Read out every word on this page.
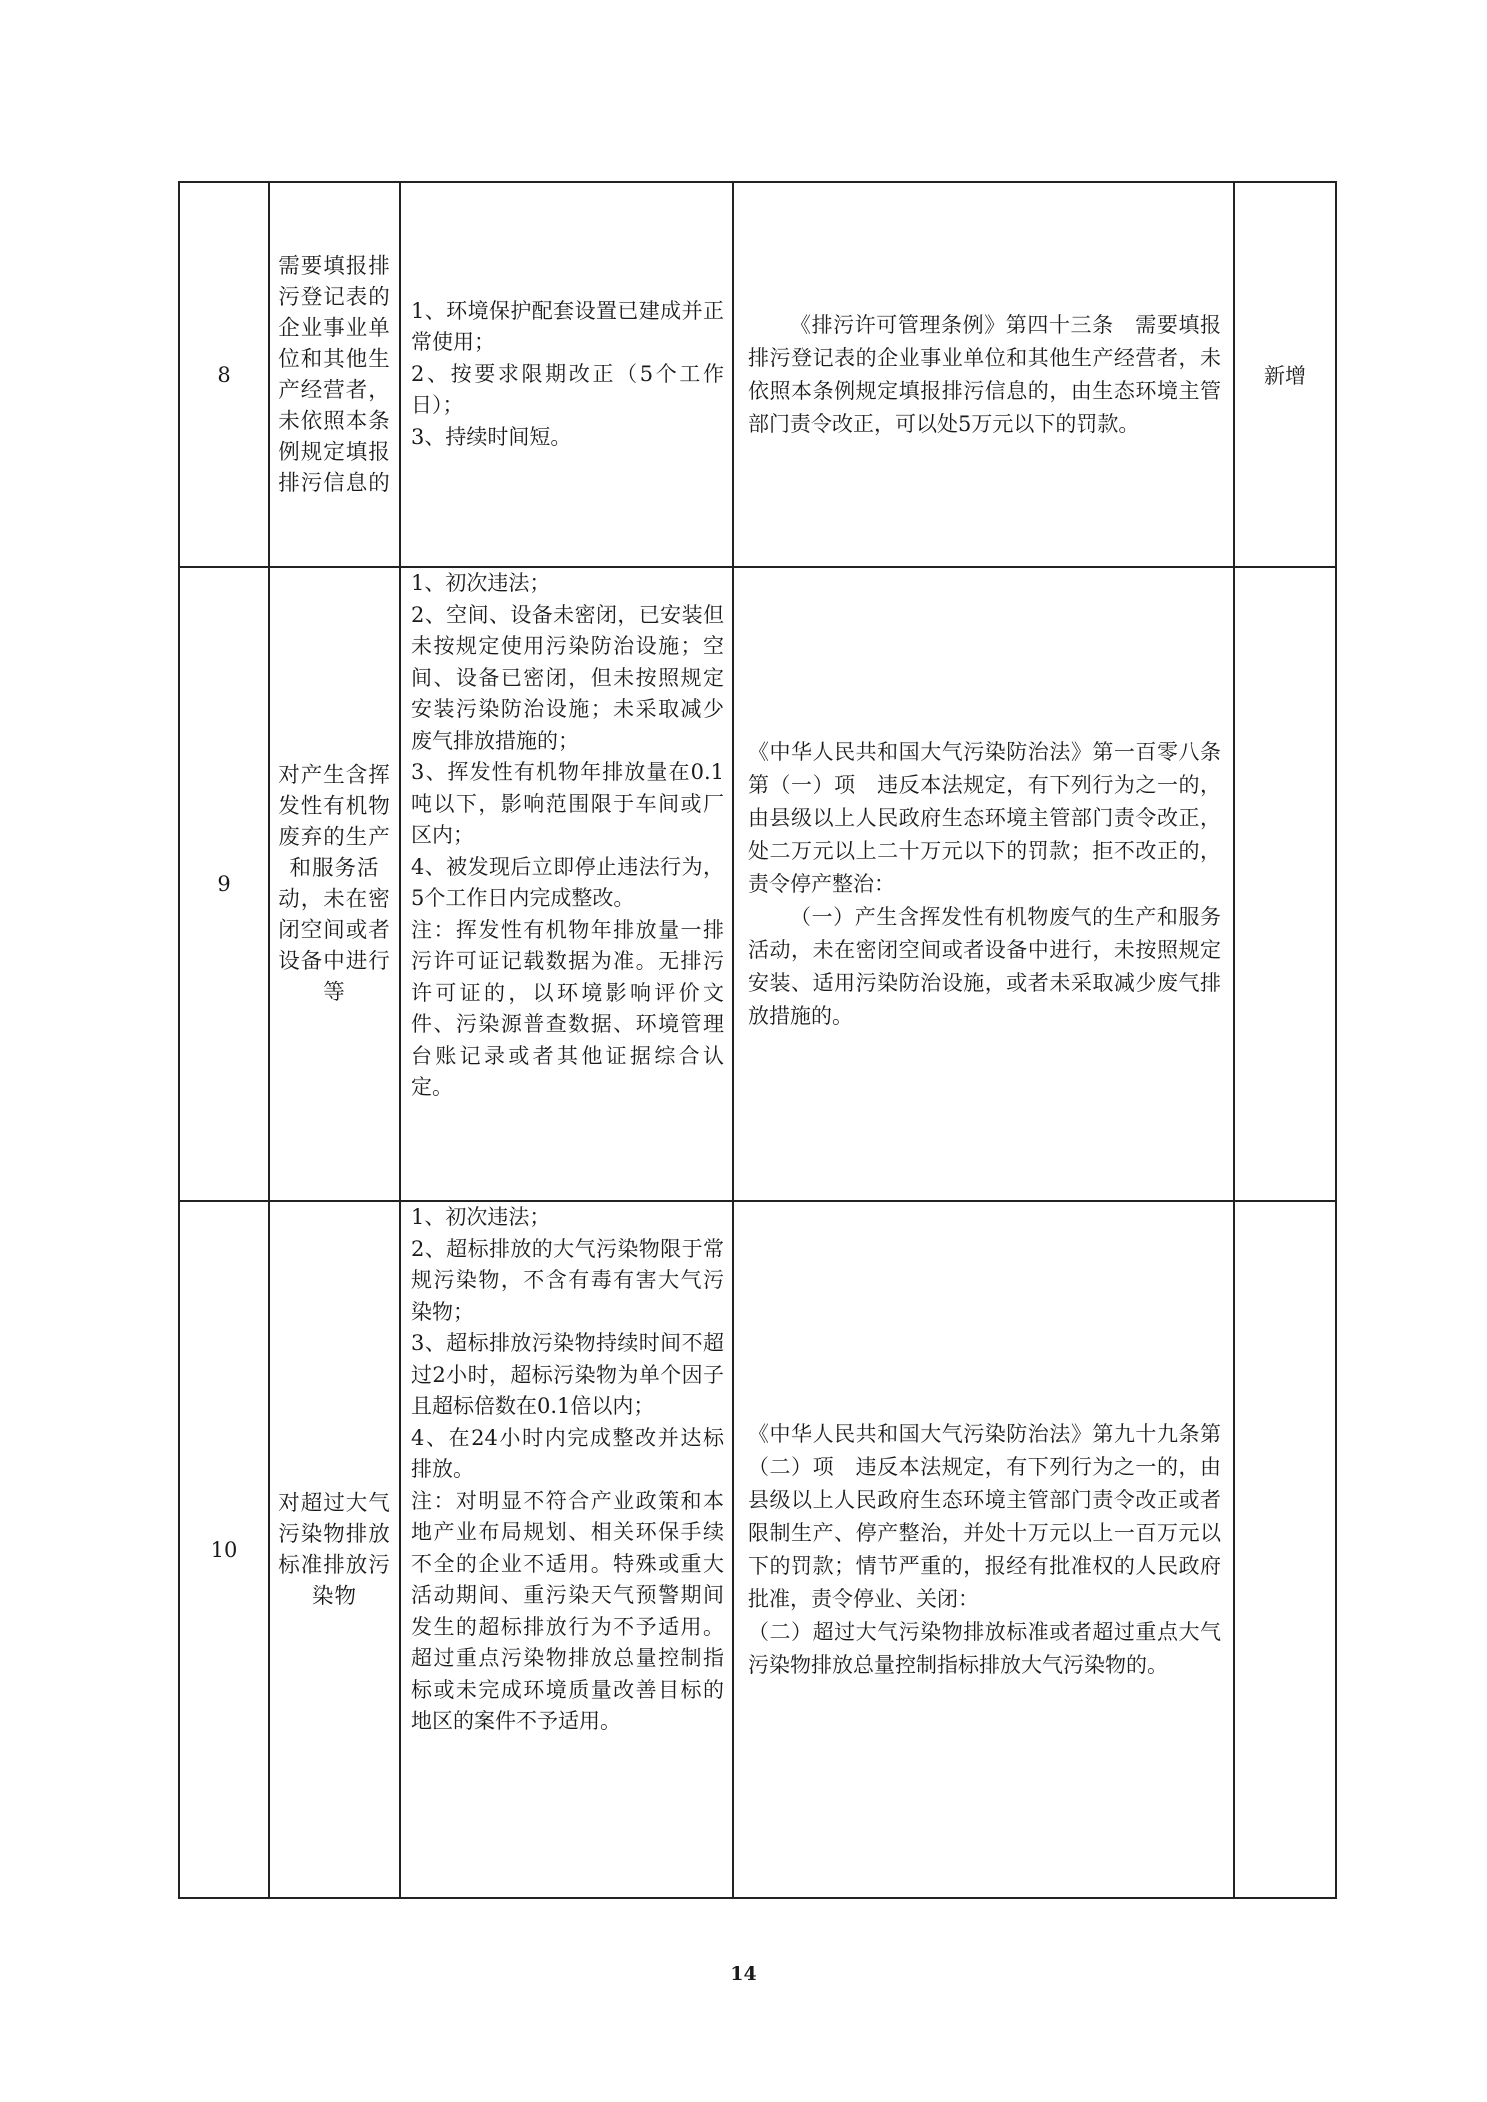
8	需要填报排污登记表的企业事业单位和其他生产经营者，未依照本条例规定填报排污信息的	1、环境保护配套设置已建成并正常使用；
2、按要求限期改正（5个工作日）；
3、持续时间短。	《排污许可管理条例》第四十三条　需要填报排污登记表的企业事业单位和其他生产经营者，未依照本条例规定填报排污信息的，由生态环境主管部门责令改正，可以处5万元以下的罚款。	新增
9	对产生含挥发性有机物废弃的生产和服务活动，未在密闭空间或者设备中进行等	1、初次违法；
2、空间、设备未密闭，已安装但未按规定使用污染防治设施；空间、设备已密闭，但未按照规定安装污染防治设施；未采取减少废气排放措施的；
3、挥发性有机物年排放量在0.1吨以下，影响范围限于车间或厂区内；
4、被发现后立即停止违法行为，5个工作日内完成整改。
注：挥发性有机物年排放量一排污许可证记载数据为准。无排污许可证的，以环境影响评价文件、污染源普查数据、环境管理台账记录或者其他证据综合认定。	《中华人民共和国大气污染防治法》第一百零八条第（一）项　违反本法规定，有下列行为之一的，由县级以上人民政府生态环境主管部门责令改正，处二万元以上二十万元以下的罚款；拒不改正的，责令停产整治：
（一）产生含挥发性有机物废气的生产和服务活动，未在密闭空间或者设备中进行，未按照规定安装、适用污染防治设施，或者未采取减少废气排放措施的。	

10	对超过大气污染物排放标准排放污染物	1、初次违法；
2、超标排放的大气污染物限于常规污染物，不含有毒有害大气污染物；
3、超标排放污染物持续时间不超过2小时，超标污染物为单个因子且超标倍数在0.1倍以内；
4、在24小时内完成整改并达标排放。
注：对明显不符合产业政策和本地产业布局规划、相关环保手续不全的企业不适用。特殊或重大活动期间、重污染天气预警期间发生的超标排放行为不予适用。超过重点污染物排放总量控制指标或未完成环境质量改善目标的地区的案件不予适用。	《中华人民共和国大气污染防治法》第九十九条第（二）项　违反本法规定，有下列行为之一的，由县级以上人民政府生态环境主管部门责令改正或者限制生产、停产整治，并处十万元以上一百万元以下的罚款；情节严重的，报经有批准权的人民政府批准，责令停业、关闭：
（二）超过大气污染物排放标准或者超过重点大气污染物排放总量控制指标排放大气污染物的。	

14
